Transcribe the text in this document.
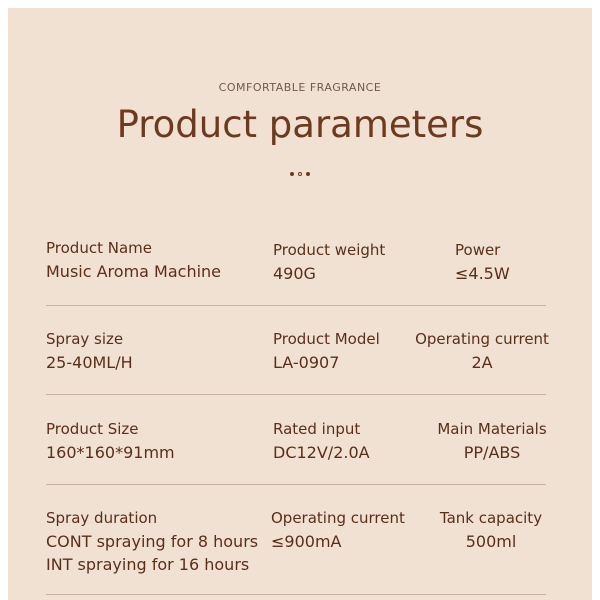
COMFORTABLE FRAGRANCE
Product parameters
Product Name
Music Aroma Machine
Product weight
490G
Power
≤4.5W
Spray size
25-40ML/H
Product Model
LA-0907
Operating current
2A
Product Size
160*160*91mm
Rated input
DC12V/2.0A
Main Materials
PP/ABS
Spray duration
CONT spraying for 8 hours
INT spraying for 16 hours
Operating current
≤900mA
Tank capacity
500ml
